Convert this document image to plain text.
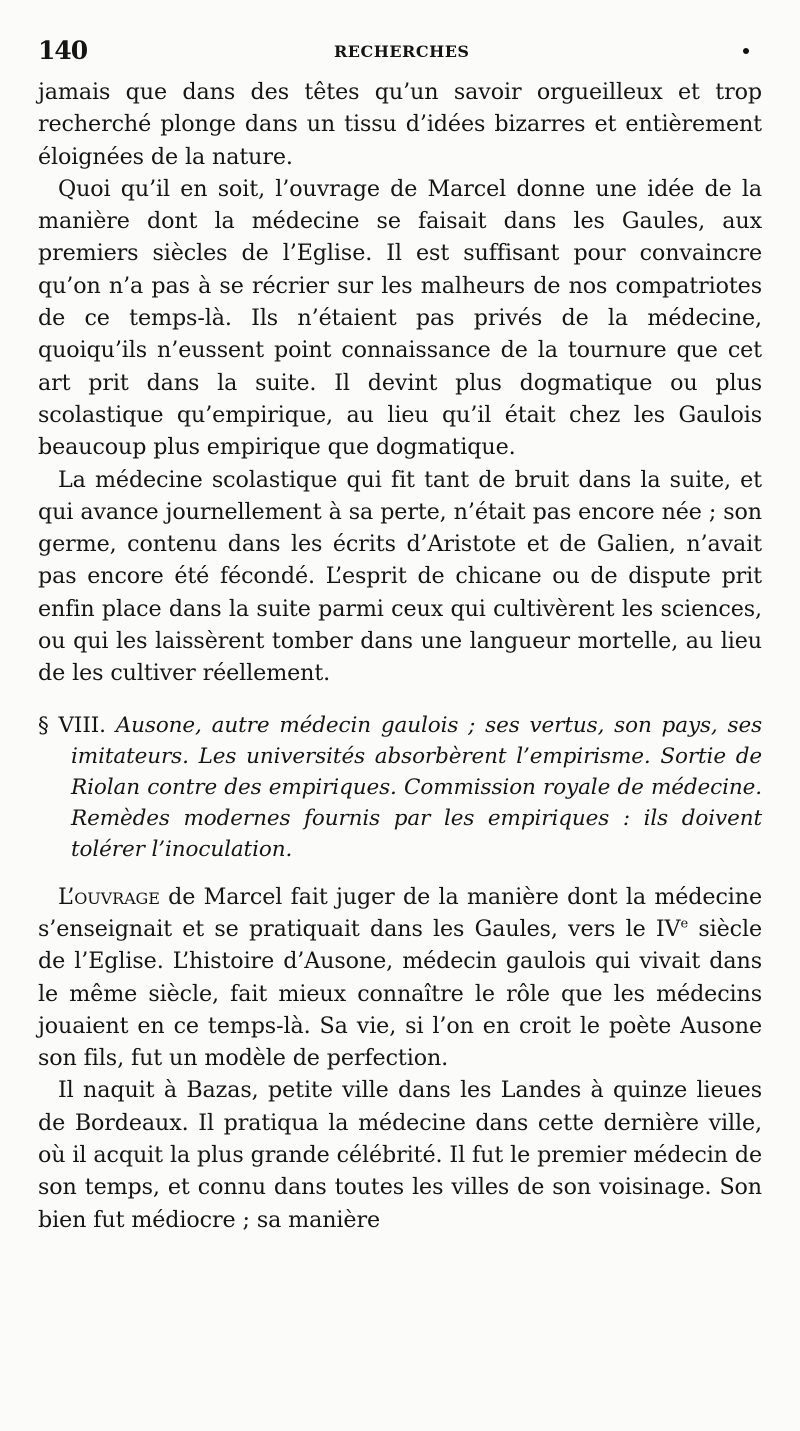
140	RECHERCHES

jamais que dans des têtes qu’un savoir orgueilleux et trop recherché plonge dans un tissu d’idées bizarres et entièrement éloignées de la nature.

Quoi qu’il en soit, l’ouvrage de Marcel donne une idée de la manière dont la médecine se faisait dans les Gaules, aux premiers siècles de l’Eglise. Il est suffisant pour convaincre qu’on n’a pas à se récrier sur les malheurs de nos compatriotes de ce temps-là. Ils n’étaient pas privés de la médecine, quoiqu’ils n’eussent point connaissance de la tournure que cet art prit dans la suite. Il devint plus dogmatique ou plus scolastique qu’empirique, au lieu qu’il était chez les Gaulois beaucoup plus empirique que dogmatique.

La médecine scolastique qui fit tant de bruit dans la suite, et qui avance journellement à sa perte, n’était pas encore née ; son germe, contenu dans les écrits d’Aristote et de Galien, n’avait pas encore été fécondé. L’esprit de chicane ou de dispute prit enfin place dans la suite parmi ceux qui cultivèrent les sciences, ou qui les laissèrent tomber dans une langueur mortelle, au lieu de les cultiver réellement.

§ VIII. Ausone, autre médecin gaulois ; ses vertus, son pays, ses imitateurs. Les universités absorbèrent l’empirisme. Sortie de Riolan contre des empiriques. Commission royale de médecine. Remèdes modernes fournis par les empiriques : ils doivent tolérer l’inoculation.

L’ouvrage de Marcel fait juger de la manière dont la médecine s’enseignait et se pratiquait dans les Gaules, vers le IVe siècle de l’Eglise. L’histoire d’Ausone, médecin gaulois qui vivait dans le même siècle, fait mieux connaître le rôle que les médecins jouaient en ce temps-là. Sa vie, si l’on en croit le poète Ausone son fils, fut un modèle de perfection.

Il naquit à Bazas, petite ville dans les Landes à quinze lieues de Bordeaux. Il pratiqua la médecine dans cette dernière ville, où il acquit la plus grande célébrité. Il fut le premier médecin de son temps, et connu dans toutes les villes de son voisinage. Son bien fut médiocre ; sa manière
